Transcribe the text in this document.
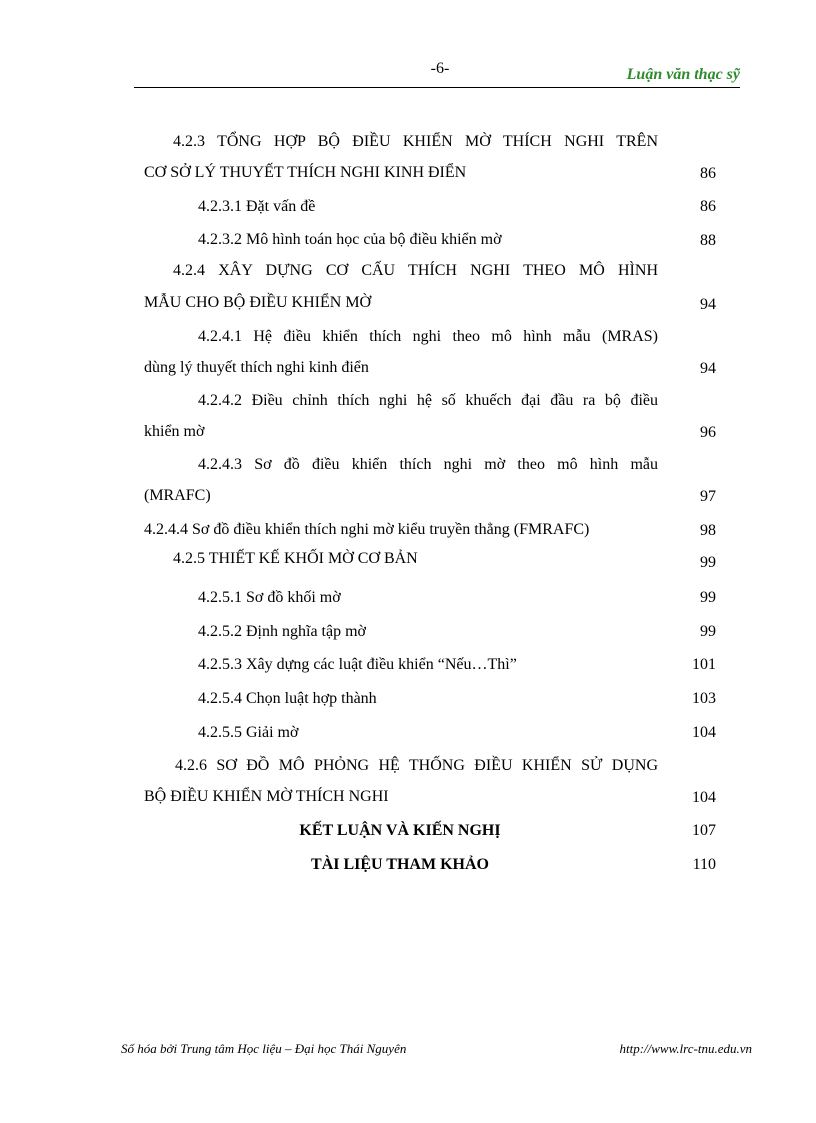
-6-	Luận văn thạc sỹ
4.2.3 TỔNG HỢP BỘ ĐIỀU KHIỂN MỜ THÍCH NGHI TRÊN
CƠ SỞ LÝ THUYẾT THÍCH NGHI KINH ĐIỂN	86
4.2.3.1 Đặt vấn đề	86
4.2.3.2 Mô hình toán học của bộ điều khiển mờ	88
4.2.4 XÂY DỰNG CƠ CẤU THÍCH NGHI THEO MÔ HÌNH
MẪU CHO BỘ ĐIỀU KHIỂN MỜ	94
4.2.4.1 Hệ điều khiển thích nghi theo mô hình mẫu (MRAS)
dùng lý thuyết thích nghi kinh điển	94
4.2.4.2 Điều chỉnh thích nghi hệ số khuếch đại đầu ra bộ điều
khiển mờ	96
4.2.4.3 Sơ đồ điều khiển thích nghi mờ theo mô hình mẫu
(MRAFC)	97
4.2.4.4 Sơ đồ điều khiển thích nghi mờ kiểu truyền thẳng (FMRAFC)	98
4.2.5 THIẾT KẾ KHỐI MỜ CƠ BẢN	99
4.2.5.1 Sơ đồ khối mờ	99
4.2.5.2 Định nghĩa tập mờ	99
4.2.5.3 Xây dựng các luật điều khiển “Nếu…Thì”	101
4.2.5.4 Chọn luật hợp thành	103
4.2.5.5 Giải mờ	104
4.2.6 SƠ ĐỒ MÔ PHỎNG HỆ THỐNG ĐIỀU KHIỂN SỬ DỤNG
BỘ ĐIỀU KHIỂN MỜ THÍCH NGHI	104
KẾT LUẬN VÀ KIẾN NGHỊ	107
TÀI LIỆU THAM KHẢO	110
Số hóa bởi Trung tâm Học liệu – Đại học Thái Nguyên	http://www.lrc-tnu.edu.vn
